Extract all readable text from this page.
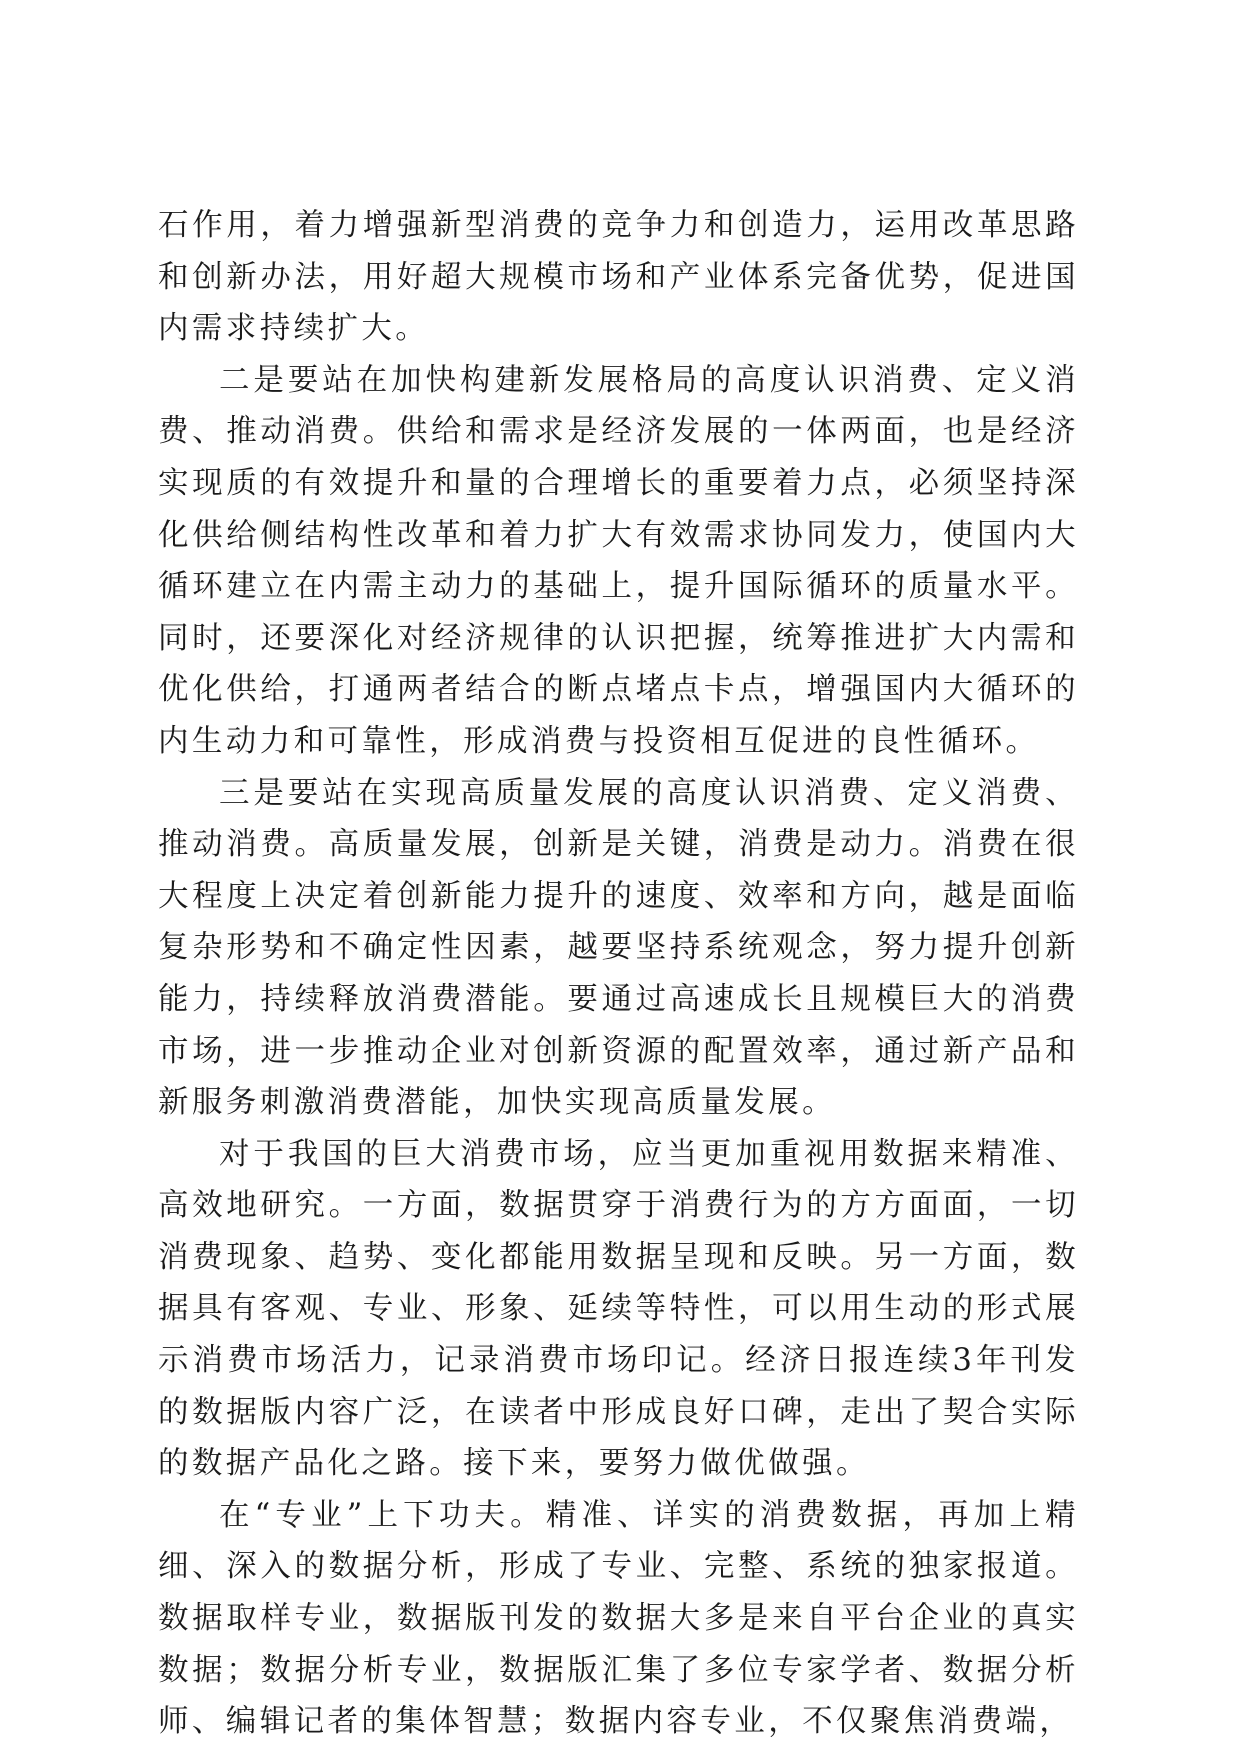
石作用，着力增强新型消费的竞争力和创造力，运用改革思路和创新办法，用好超大规模市场和产业体系完备优势，促进国内需求持续扩大。

二是要站在加快构建新发展格局的高度认识消费、定义消费、推动消费。供给和需求是经济发展的一体两面，也是经济实现质的有效提升和量的合理增长的重要着力点，必须坚持深化供给侧结构性改革和着力扩大有效需求协同发力，使国内大循环建立在内需主动力的基础上，提升国际循环的质量水平。同时，还要深化对经济规律的认识把握，统筹推进扩大内需和优化供给，打通两者结合的断点堵点卡点，增强国内大循环的内生动力和可靠性，形成消费与投资相互促进的良性循环。

三是要站在实现高质量发展的高度认识消费、定义消费、推动消费。高质量发展，创新是关键，消费是动力。消费在很大程度上决定着创新能力提升的速度、效率和方向，越是面临复杂形势和不确定性因素，越要坚持系统观念，努力提升创新能力，持续释放消费潜能。要通过高速成长且规模巨大的消费市场，进一步推动企业对创新资源的配置效率，通过新产品和新服务刺激消费潜能，加快实现高质量发展。

对于我国的巨大消费市场，应当更加重视用数据来精准、高效地研究。一方面，数据贯穿于消费行为的方方面面，一切消费现象、趋势、变化都能用数据呈现和反映。另一方面，数据具有客观、专业、形象、延续等特性，可以用生动的形式展示消费市场活力，记录消费市场印记。经济日报连续3年刊发的数据版内容广泛，在读者中形成良好口碑，走出了契合实际的数据产品化之路。接下来，要努力做优做强。

在“专业”上下功夫。精准、详实的消费数据，再加上精细、深入的数据分析，形成了专业、完整、系统的独家报道。数据取样专业，数据版刊发的数据大多是来自平台企业的真实数据；数据分析专业，数据版汇集了多位专家学者、数据分析师、编辑记者的集体智慧；数据内容专业，不仅聚焦消费端，
